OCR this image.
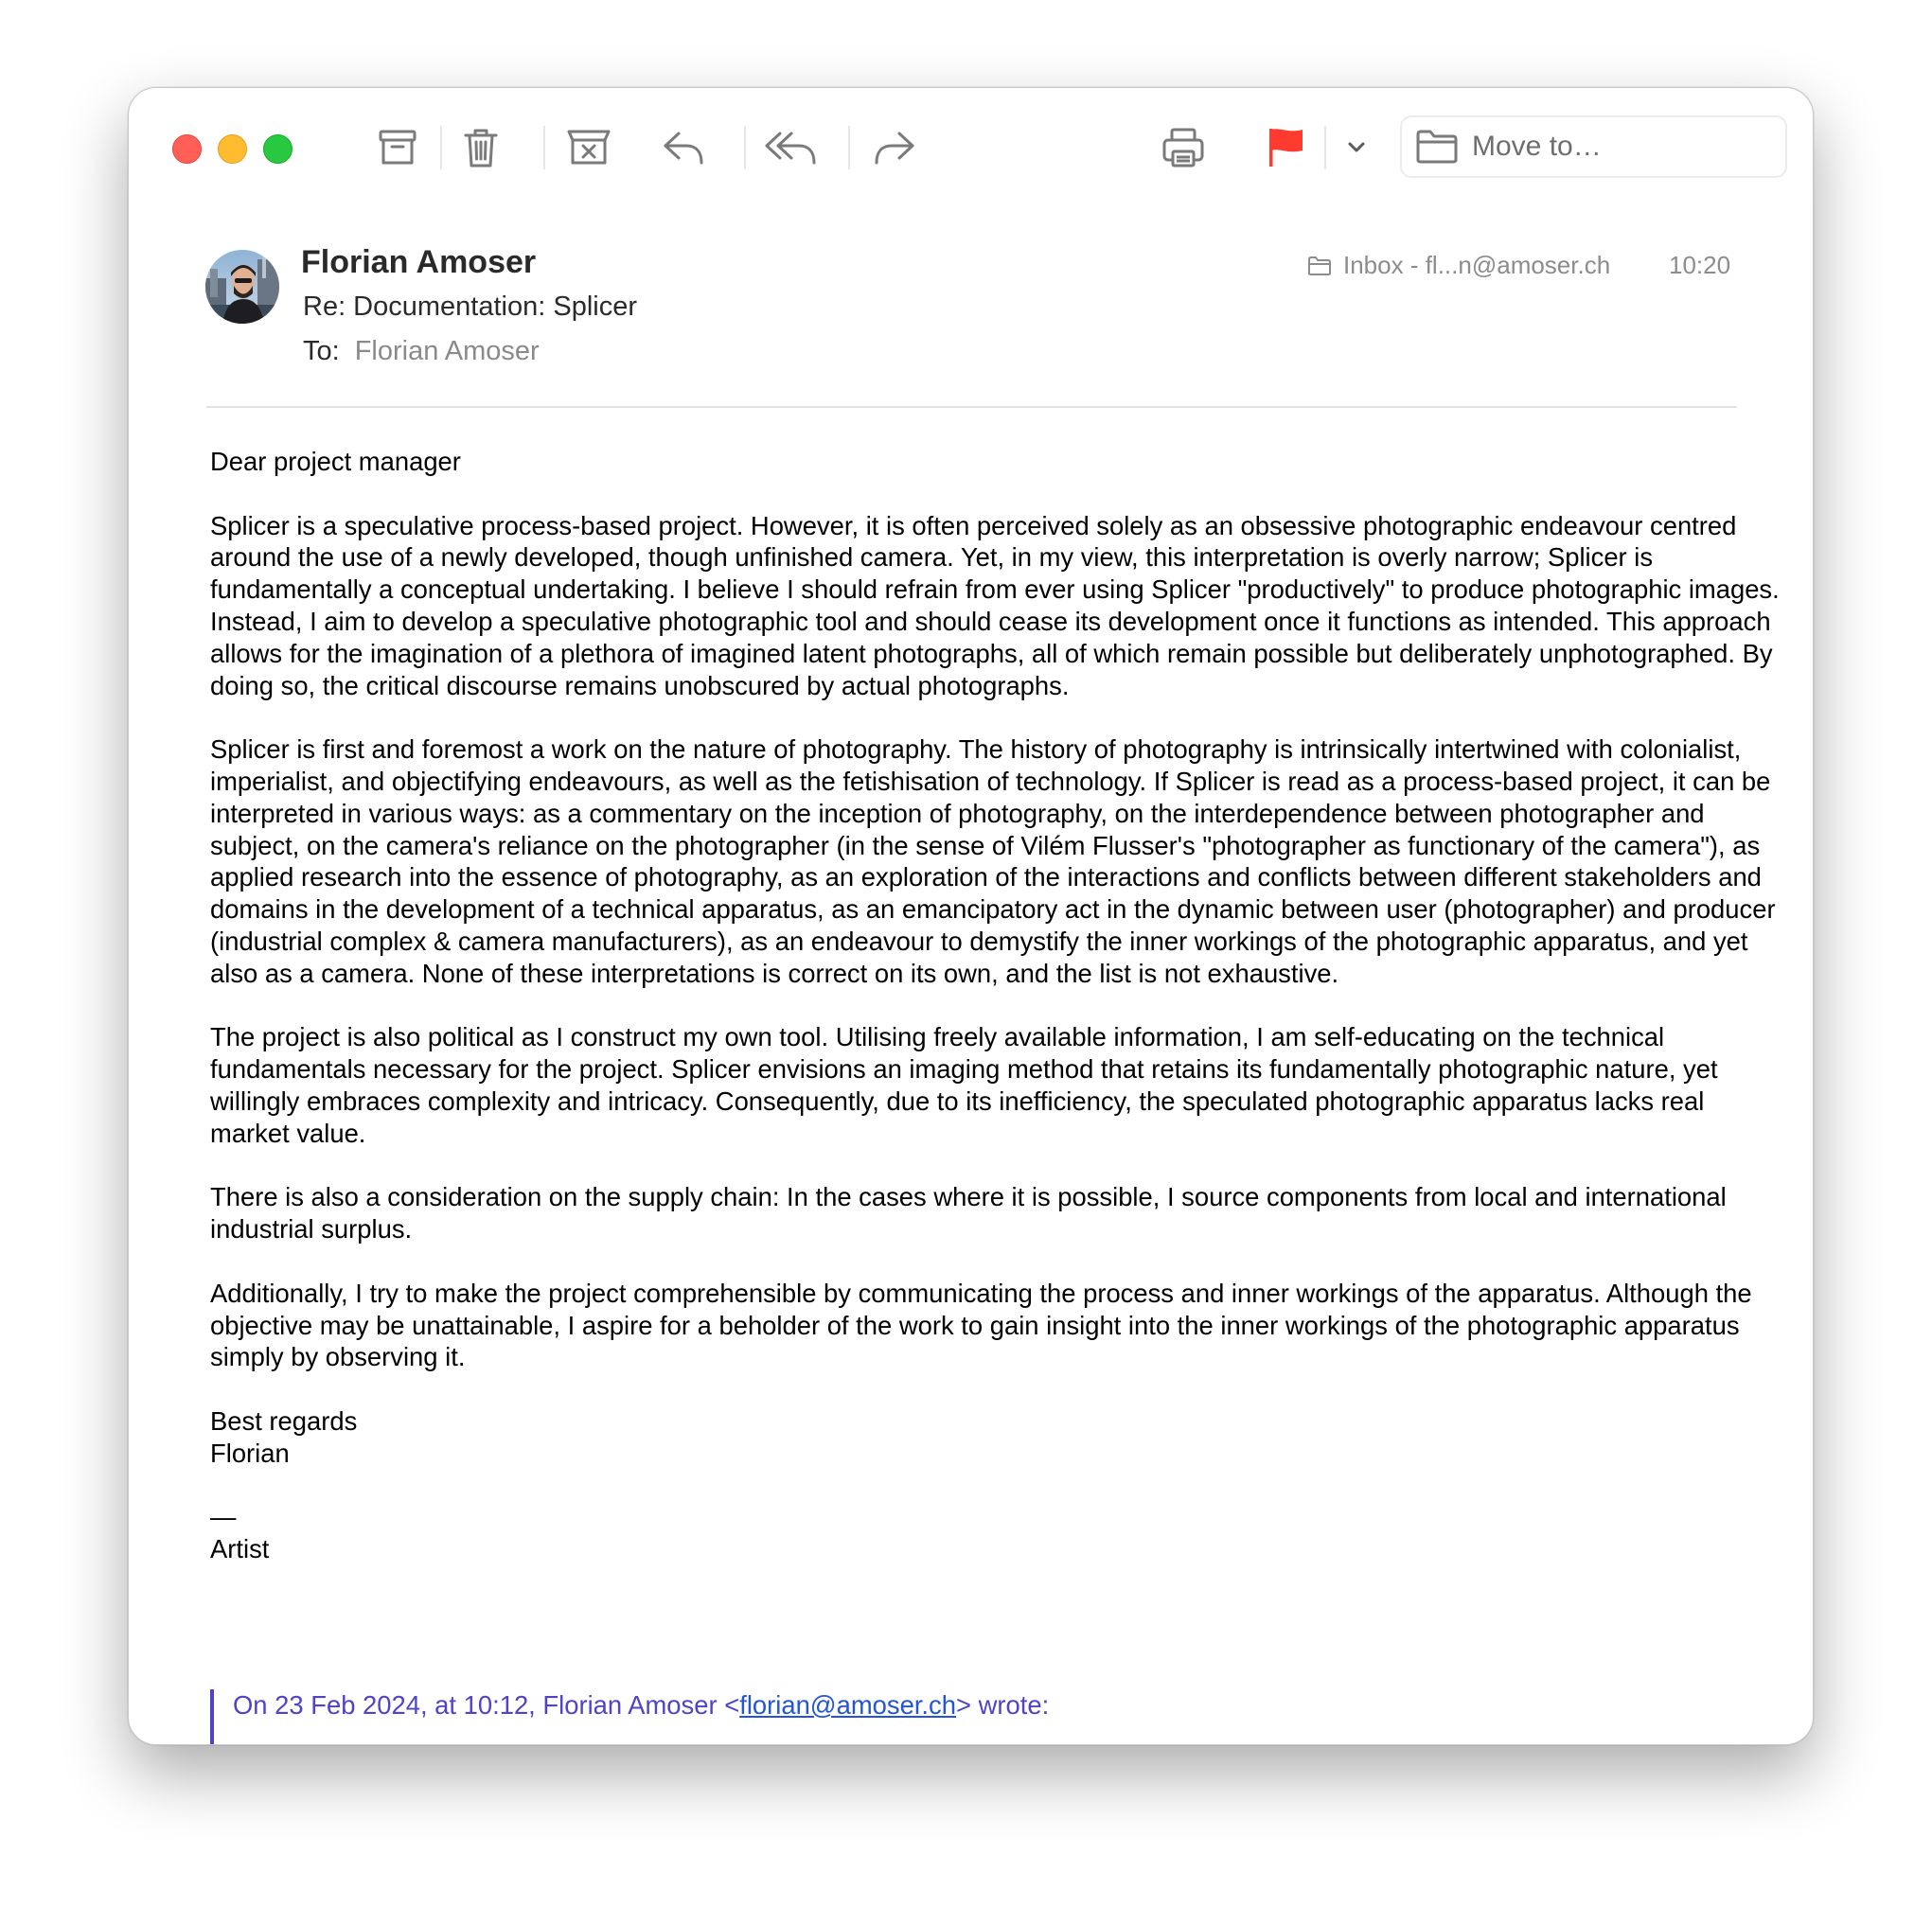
Move to…
Florian Amoser
Re: Documentation: Splicer
To: Florian Amoser
Inbox - fl...n@amoser.ch 10:20

Dear project manager

Splicer is a speculative process-based project. However, it is often perceived solely as an obsessive photographic endeavour centred around the use of a newly developed, though unfinished camera. Yet, in my view, this interpretation is overly narrow; Splicer is fundamentally a conceptual undertaking. I believe I should refrain from ever using Splicer "productively" to produce photographic images. Instead, I aim to develop a speculative photographic tool and should cease its development once it functions as intended. This approach allows for the imagination of a plethora of imagined latent photographs, all of which remain possible but deliberately unphotographed. By doing so, the critical discourse remains unobscured by actual photographs.

Splicer is first and foremost a work on the nature of photography. The history of photography is intrinsically intertwined with colonialist, imperialist, and objectifying endeavours, as well as the fetishisation of technology. If Splicer is read as a process-based project, it can be interpreted in various ways: as a commentary on the inception of photography, on the interdependence between photographer and subject, on the camera's reliance on the photographer (in the sense of Vilém Flusser's "photographer as functionary of the camera"), as applied research into the essence of photography, as an exploration of the interactions and conflicts between different stakeholders and domains in the development of a technical apparatus, as an emancipatory act in the dynamic between user (photographer) and producer (industrial complex & camera manufacturers), as an endeavour to demystify the inner workings of the photographic apparatus, and yet also as a camera. None of these interpretations is correct on its own, and the list is not exhaustive.

The project is also political as I construct my own tool. Utilising freely available information, I am self-educating on the technical fundamentals necessary for the project. Splicer envisions an imaging method that retains its fundamentally photographic nature, yet willingly embraces complexity and intricacy. Consequently, due to its inefficiency, the speculated photographic apparatus lacks real market value.

There is also a consideration on the supply chain: In the cases where it is possible, I source components from local and international industrial surplus.

Additionally, I try to make the project comprehensible by communicating the process and inner workings of the apparatus. Although the objective may be unattainable, I aspire for a beholder of the work to gain insight into the inner workings of the photographic apparatus simply by observing it.

Best regards
Florian

—
Artist

On 23 Feb 2024, at 10:12, Florian Amoser <florian@amoser.ch> wrote:
